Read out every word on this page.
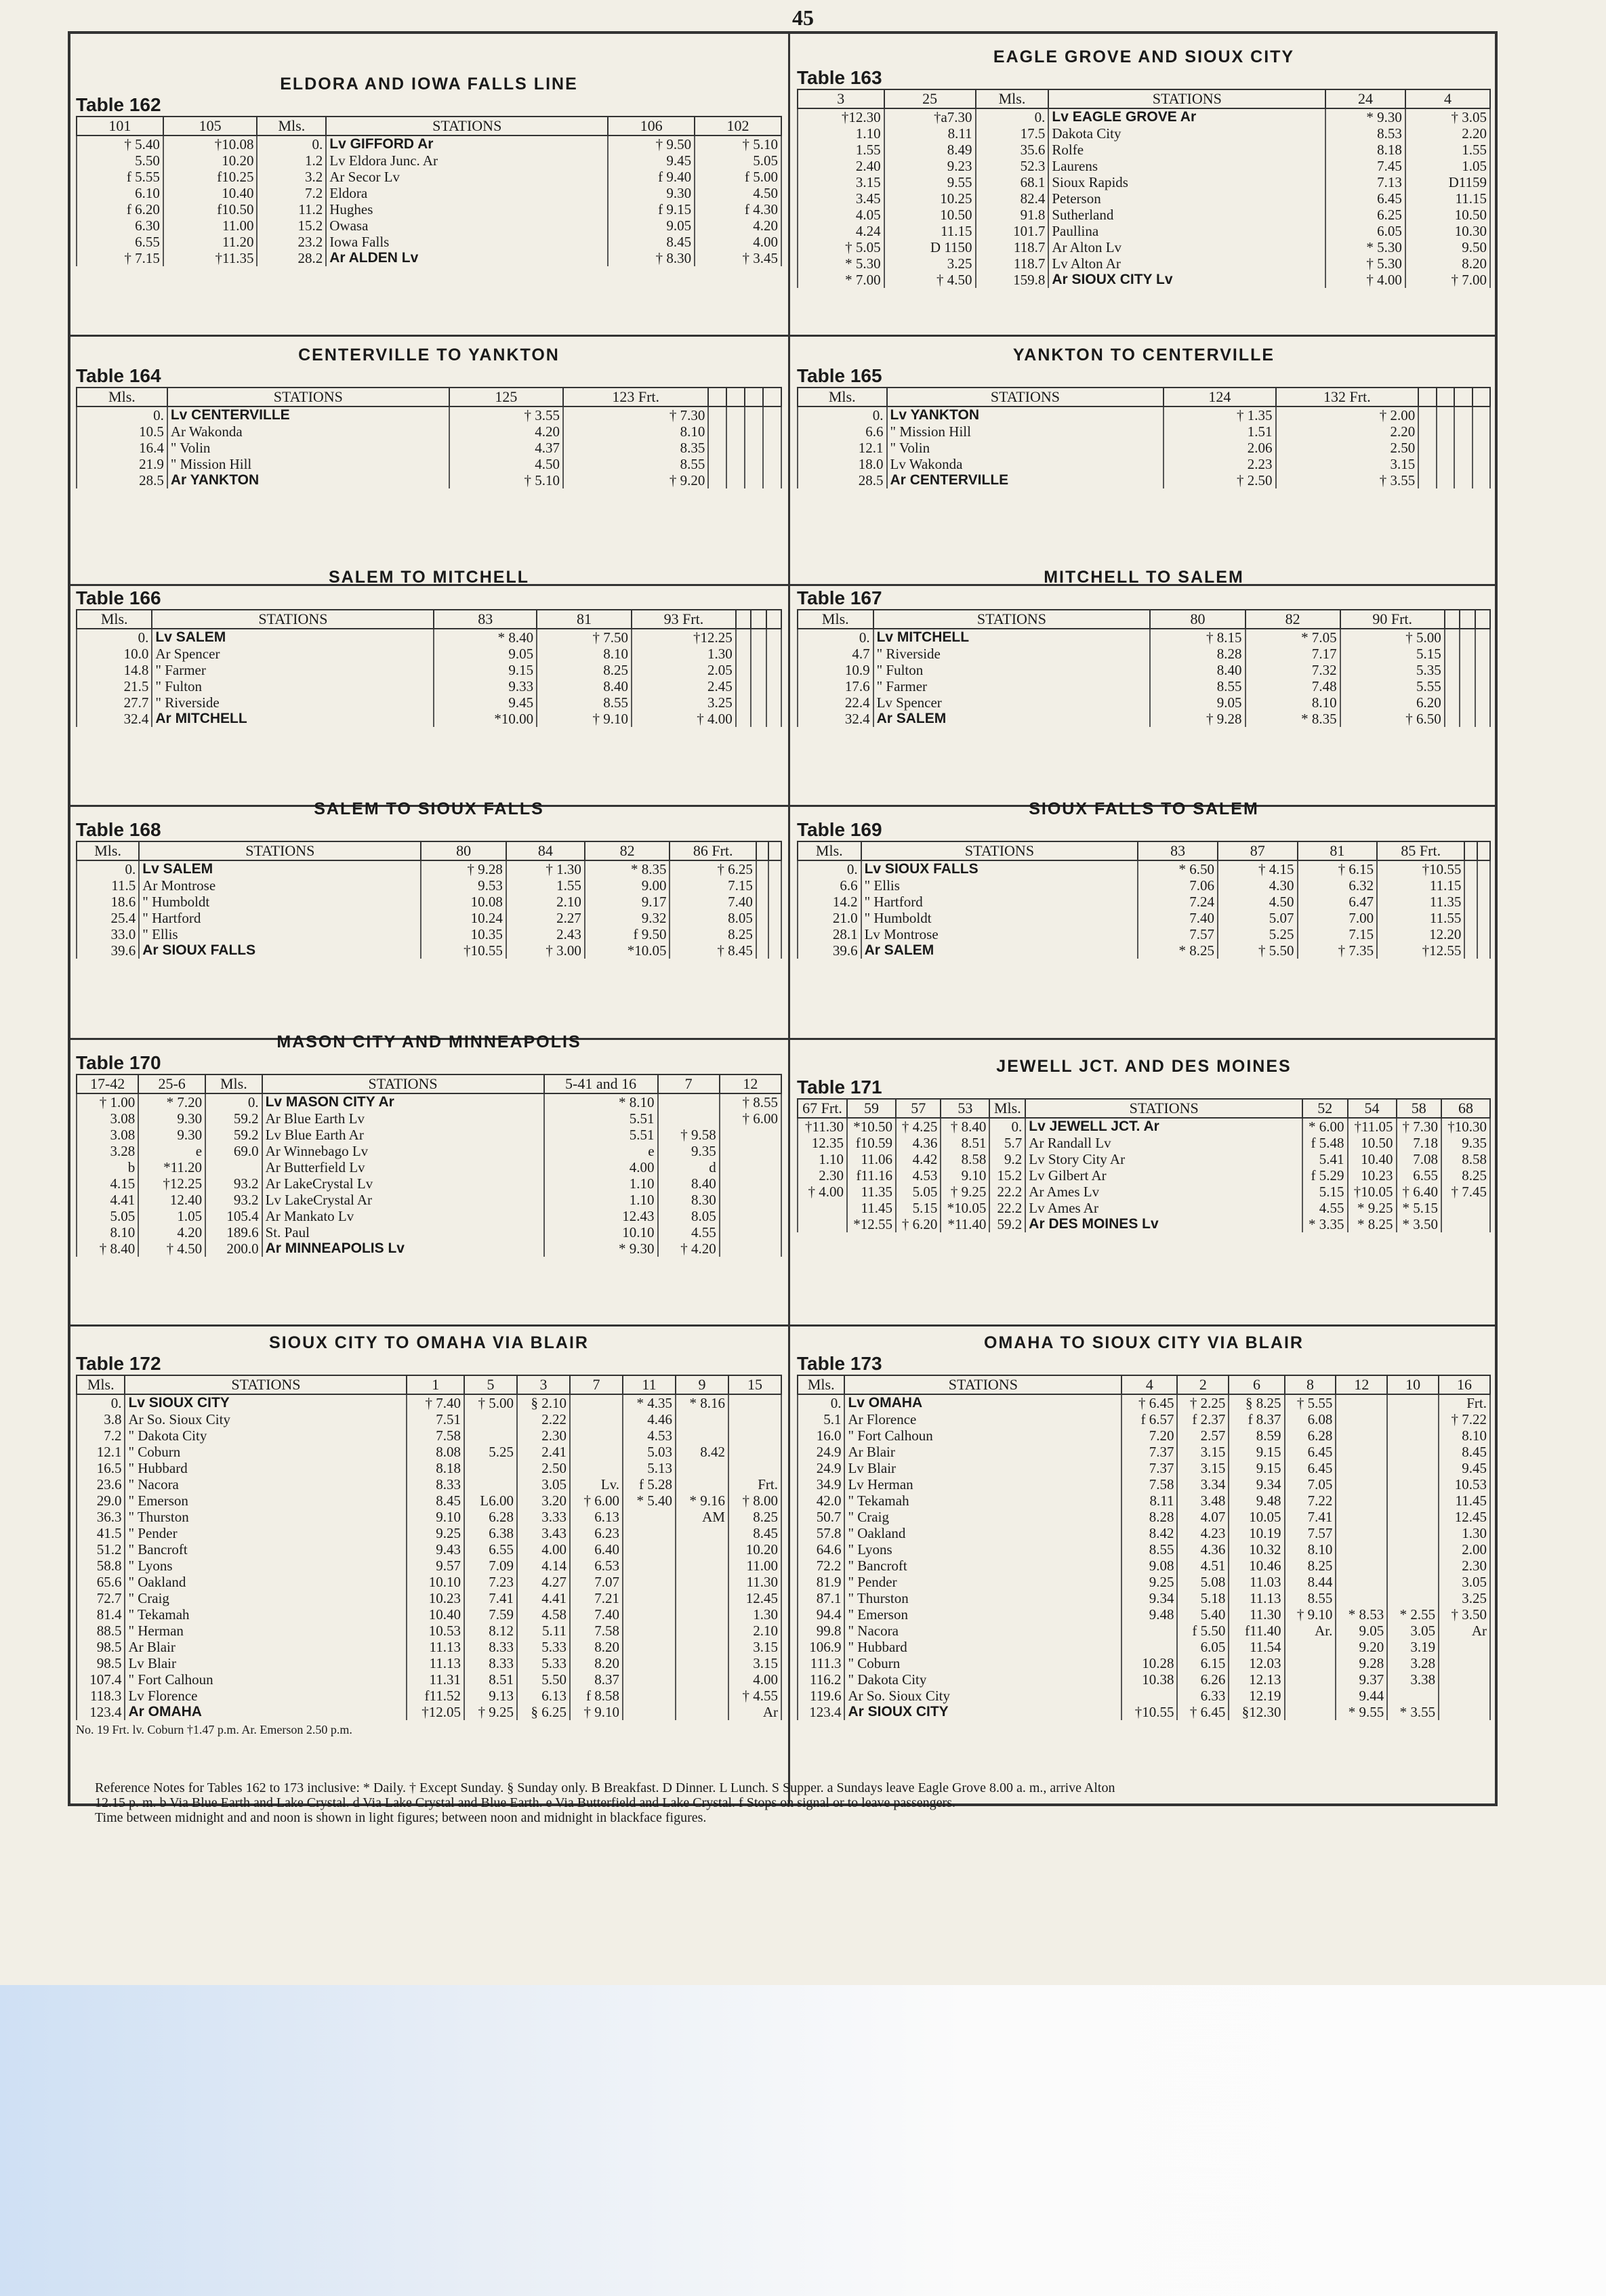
45
ELDORA AND IOWA FALLS LINE
Table 162
101	105	Mls.	STATIONS	106	102
† 5.40	†10.08	0.	Lv GIFFORD Ar	† 9.50	† 5.10
5.50	10.20	1.2	Lv Eldora Junc. Ar	9.45	5.05
f 5.55	f10.25	3.2	Ar Secor Lv	f 9.40	f 5.00
6.10	10.40	7.2	Eldora	9.30	4.50
f 6.20	f10.50	11.2	Hughes	f 9.15	f 4.30
6.30	11.00	15.2	Owasa	9.05	4.20
6.55	11.20	23.2	Iowa Falls	8.45	4.00
† 7.15	†11.35	28.2	Ar ALDEN Lv	† 8.30	† 3.45
EAGLE GROVE AND SIOUX CITY
Table 163
3	25	Mls.	STATIONS	24	4
†12.30	†a7.30	0.	Lv EAGLE GROVE Ar	* 9.30	† 3.05
1.10	8.11	17.5	Dakota City	8.53	2.20
1.55	8.49	35.6	Rolfe	8.18	1.55
2.40	9.23	52.3	Laurens	7.45	1.05
3.15	9.55	68.1	Sioux Rapids	7.13	D1159
3.45	10.25	82.4	Peterson	6.45	11.15
4.05	10.50	91.8	Sutherland	6.25	10.50
4.24	11.15	101.7	Paullina	6.05	10.30
† 5.05	D 1150	118.7	Ar Alton Lv	* 5.30	9.50
* 5.30	3.25	118.7	Lv Alton Ar	† 5.30	8.20
* 7.00	† 4.50	159.8	Ar SIOUX CITY Lv	† 4.00	† 7.00
CENTERVILLE TO YANKTON
Table 164
Mls.	STATIONS	125	123 Frt.				
0.	Lv CENTERVILLE	† 3.55	† 7.30				
10.5	Ar Wakonda	4.20	8.10				
16.4	" Volin	4.37	8.35				
21.9	" Mission Hill	4.50	8.55				
28.5	Ar YANKTON	† 5.10	† 9.20				
YANKTON TO CENTERVILLE
Table 165
Mls.	STATIONS	124	132 Frt.				
0.	Lv YANKTON	† 1.35	† 2.00				
6.6	" Mission Hill	1.51	2.20				
12.1	" Volin	2.06	2.50				
18.0	Lv Wakonda	2.23	3.15				
28.5	Ar CENTERVILLE	† 2.50	† 3.55				
SALEM TO MITCHELL
Table 166
Mls.	STATIONS	83	81	93 Frt.			
0.	Lv SALEM	* 8.40	† 7.50	†12.25			
10.0	Ar Spencer	9.05	8.10	1.30			
14.8	" Farmer	9.15	8.25	2.05			
21.5	" Fulton	9.33	8.40	2.45			
27.7	" Riverside	9.45	8.55	3.25			
32.4	Ar MITCHELL	*10.00	† 9.10	† 4.00			
MITCHELL TO SALEM
Table 167
Mls.	STATIONS	80	82	90 Frt.			
0.	Lv MITCHELL	† 8.15	* 7.05	† 5.00			
4.7	" Riverside	8.28	7.17	5.15			
10.9	" Fulton	8.40	7.32	5.35			
17.6	" Farmer	8.55	7.48	5.55			
22.4	Lv Spencer	9.05	8.10	6.20			
32.4	Ar SALEM	† 9.28	* 8.35	† 6.50			
SALEM TO SIOUX FALLS
Table 168
Mls.	STATIONS	80	84	82	86 Frt.		
0.	Lv SALEM	† 9.28	† 1.30	* 8.35	† 6.25		
11.5	Ar Montrose	9.53	1.55	9.00	7.15		
18.6	" Humboldt	10.08	2.10	9.17	7.40		
25.4	" Hartford	10.24	2.27	9.32	8.05		
33.0	" Ellis	10.35	2.43	f 9.50	8.25		
39.6	Ar SIOUX FALLS	†10.55	† 3.00	*10.05	† 8.45		
SIOUX FALLS TO SALEM
Table 169
Mls.	STATIONS	83	87	81	85 Frt.		
0.	Lv SIOUX FALLS	* 6.50	† 4.15	† 6.15	†10.55		
6.6	" Ellis	7.06	4.30	6.32	11.15		
14.2	" Hartford	7.24	4.50	6.47	11.35		
21.0	" Humboldt	7.40	5.07	7.00	11.55		
28.1	Lv Montrose	7.57	5.25	7.15	12.20		
39.6	Ar SALEM	* 8.25	† 5.50	† 7.35	†12.55		
MASON CITY AND MINNEAPOLIS
Table 170
17-42	25-6	Mls.	STATIONS	5-41 and 16	7	12
† 1.00	* 7.20	0.	Lv MASON CITY Ar	* 8.10		† 8.55
3.08	9.30	59.2	Ar Blue Earth Lv	5.51		† 6.00
3.08	9.30	59.2	Lv Blue Earth Ar	5.51	† 9.58	
3.28	e	69.0	Ar Winnebago Lv	e	9.35	
b	*11.20		Ar Butterfield Lv	4.00	d	
4.15	†12.25	93.2	Ar LakeCrystal Lv	1.10	8.40	
4.41	12.40	93.2	Lv LakeCrystal Ar	1.10	8.30	
5.05	1.05	105.4	Ar Mankato Lv	12.43	8.05	
8.10	4.20	189.6	St. Paul	10.10	4.55	
† 8.40	† 4.50	200.0	Ar MINNEAPOLIS Lv	* 9.30	† 4.20	
JEWELL JCT. AND DES MOINES
Table 171
67 Frt.	59	57	53	Mls.	STATIONS	52	54	58	68
†11.30	*10.50	† 4.25	† 8.40	0.	Lv JEWELL JCT. Ar	* 6.00	†11.05	† 7.30	†10.30
12.35	f10.59	4.36	8.51	5.7	Ar Randall Lv	f 5.48	10.50	7.18	9.35
1.10	11.06	4.42	8.58	9.2	Lv Story City Ar	5.41	10.40	7.08	8.58
2.30	f11.16	4.53	9.10	15.2	Lv Gilbert Ar	f 5.29	10.23	6.55	8.25
† 4.00	11.35	5.05	† 9.25	22.2	Ar Ames Lv	5.15	†10.05	† 6.40	† 7.45
	11.45	5.15	*10.05	22.2	Lv Ames Ar	4.55	* 9.25	* 5.15	
	*12.55	† 6.20	*11.40	59.2	Ar DES MOINES Lv	* 3.35	* 8.25	* 3.50	
SIOUX CITY TO OMAHA VIA BLAIR
Table 172
Mls.	STATIONS	1	5	3	7	11	9	15
0.	Lv SIOUX CITY	† 7.40	† 5.00	§ 2.10		* 4.35	* 8.16	
3.8	Ar So. Sioux City	7.51		2.22		4.46		
7.2	" Dakota City	7.58		2.30		4.53		
12.1	" Coburn	8.08	5.25	2.41		5.03	8.42	
16.5	" Hubbard	8.18		2.50		5.13		
23.6	" Nacora	8.33		3.05	Lv.	f 5.28		Frt.
29.0	" Emerson	8.45	L6.00	3.20	† 6.00	* 5.40	* 9.16	† 8.00
36.3	" Thurston	9.10	6.28	3.33	6.13		AM	8.25
41.5	" Pender	9.25	6.38	3.43	6.23			8.45
51.2	" Bancroft	9.43	6.55	4.00	6.40			10.20
58.8	" Lyons	9.57	7.09	4.14	6.53			11.00
65.6	" Oakland	10.10	7.23	4.27	7.07			11.30
72.7	" Craig	10.23	7.41	4.41	7.21			12.45
81.4	" Tekamah	10.40	7.59	4.58	7.40			1.30
88.5	" Herman	10.53	8.12	5.11	7.58			2.10
98.5	Ar Blair	11.13	8.33	5.33	8.20			3.15
98.5	Lv Blair	11.13	8.33	5.33	8.20			3.15
107.4	" Fort Calhoun	11.31	8.51	5.50	8.37			4.00
118.3	Lv Florence	f11.52	9.13	6.13	f 8.58			† 4.55
123.4	Ar OMAHA	†12.05	† 9.25	§ 6.25	† 9.10			Ar
No. 19 Frt. lv. Coburn †1.47 p.m. Ar. Emerson 2.50 p.m.
OMAHA TO SIOUX CITY VIA BLAIR
Table 173
Mls.	STATIONS	4	2	6	8	12	10	16
0.	Lv OMAHA	† 6.45	† 2.25	§ 8.25	† 5.55			Frt.
5.1	Ar Florence	f 6.57	f 2.37	f 8.37	6.08			† 7.22
16.0	" Fort Calhoun	7.20	2.57	8.59	6.28			8.10
24.9	Ar Blair	7.37	3.15	9.15	6.45			8.45
24.9	Lv Blair	7.37	3.15	9.15	6.45			9.45
34.9	Lv Herman	7.58	3.34	9.34	7.05			10.53
42.0	" Tekamah	8.11	3.48	9.48	7.22			11.45
50.7	" Craig	8.28	4.07	10.05	7.41			12.45
57.8	" Oakland	8.42	4.23	10.19	7.57			1.30
64.6	" Lyons	8.55	4.36	10.32	8.10			2.00
72.2	" Bancroft	9.08	4.51	10.46	8.25			2.30
81.9	" Pender	9.25	5.08	11.03	8.44			3.05
87.1	" Thurston	9.34	5.18	11.13	8.55			3.25
94.4	" Emerson	9.48	5.40	11.30	† 9.10	* 8.53	* 2.55	† 3.50
99.8	" Nacora		f 5.50	f11.40	Ar.	9.05	3.05	Ar
106.9	" Hubbard		6.05	11.54		9.20	3.19	
111.3	" Coburn	10.28	6.15	12.03		9.28	3.28	
116.2	" Dakota City	10.38	6.26	12.13		9.37	3.38	
119.6	Ar So. Sioux City		6.33	12.19		9.44		
123.4	Ar SIOUX CITY	†10.55	† 6.45	§12.30		* 9.55	* 3.55	
Reference Notes for Tables 162 to 173 inclusive: * Daily. † Except Sunday. § Sunday only. B Breakfast. D Dinner. L Lunch. S Supper. a Sundays leave Eagle Grove 8.00 a. m., arrive Alton
12.15 p. m. b Via Blue Earth and Lake Crystal. d Via Lake Crystal and Blue Earth. e Via Butterfield and Lake Crystal. f Stops on signal or to leave passengers.
Time between midnight and and noon is shown in light figures; between noon and midnight in blackface figures.
